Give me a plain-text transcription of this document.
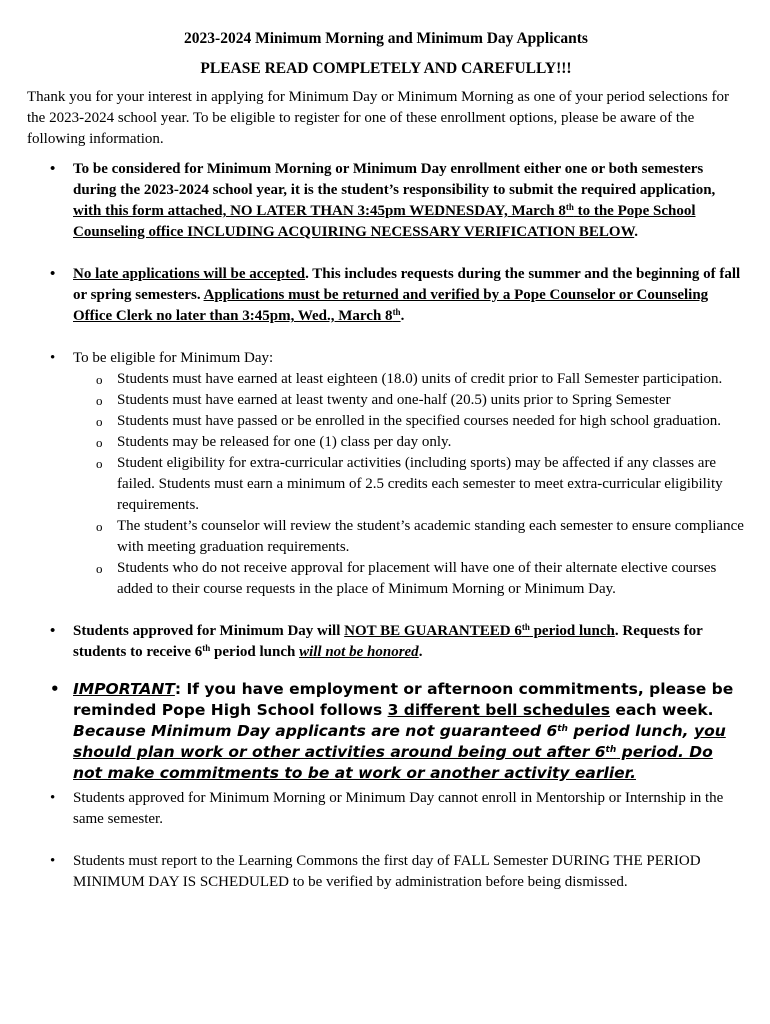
2023-2024 Minimum Morning and Minimum Day Applicants

PLEASE READ COMPLETELY AND CAREFULLY!!!

Thank you for your interest in applying for Minimum Day or Minimum Morning as one of your period selections for the 2023-2024 school year. To be eligible to register for one of these enrollment options, please be aware of the following information.

• To be considered for Minimum Morning or Minimum Day enrollment either one or both semesters during the 2023-2024 school year, it is the student’s responsibility to submit the required application, with this form attached, NO LATER THAN 3:45pm WEDNESDAY, March 8th to the Pope School Counseling office INCLUDING ACQUIRING NECESSARY VERIFICATION BELOW.
• No late applications will be accepted. This includes requests during the summer and the beginning of fall or spring semesters. Applications must be returned and verified by a Pope Counselor or Counseling Office Clerk no later than 3:45pm, Wed., March 8th.
• To be eligible for Minimum Day:
o Students must have earned at least eighteen (18.0) units of credit prior to Fall Semester participation.
o Students must have earned at least twenty and one-half (20.5) units prior to Spring Semester
o Students must have passed or be enrolled in the specified courses needed for high school graduation.
o Students may be released for one (1) class per day only.
o Student eligibility for extra-curricular activities (including sports) may be affected if any classes are failed. Students must earn a minimum of 2.5 credits each semester to meet extra-curricular eligibility requirements.
o The student’s counselor will review the student’s academic standing each semester to ensure compliance with meeting graduation requirements.
o Students who do not receive approval for placement will have one of their alternate elective courses added to their course requests in the place of Minimum Morning or Minimum Day.
• Students approved for Minimum Day will NOT BE GUARANTEED 6th period lunch. Requests for students to receive 6th period lunch will not be honored.
• IMPORTANT: If you have employment or afternoon commitments, please be reminded Pope High School follows 3 different bell schedules each week. Because Minimum Day applicants are not guaranteed 6th period lunch, you should plan work or other activities around being out after 6th period. Do not make commitments to be at work or another activity earlier.
• Students approved for Minimum Morning or Minimum Day cannot enroll in Mentorship or Internship in the same semester.
• Students must report to the Learning Commons the first day of FALL Semester DURING THE PERIOD MINIMUM DAY IS SCHEDULED to be verified by administration before being dismissed.
